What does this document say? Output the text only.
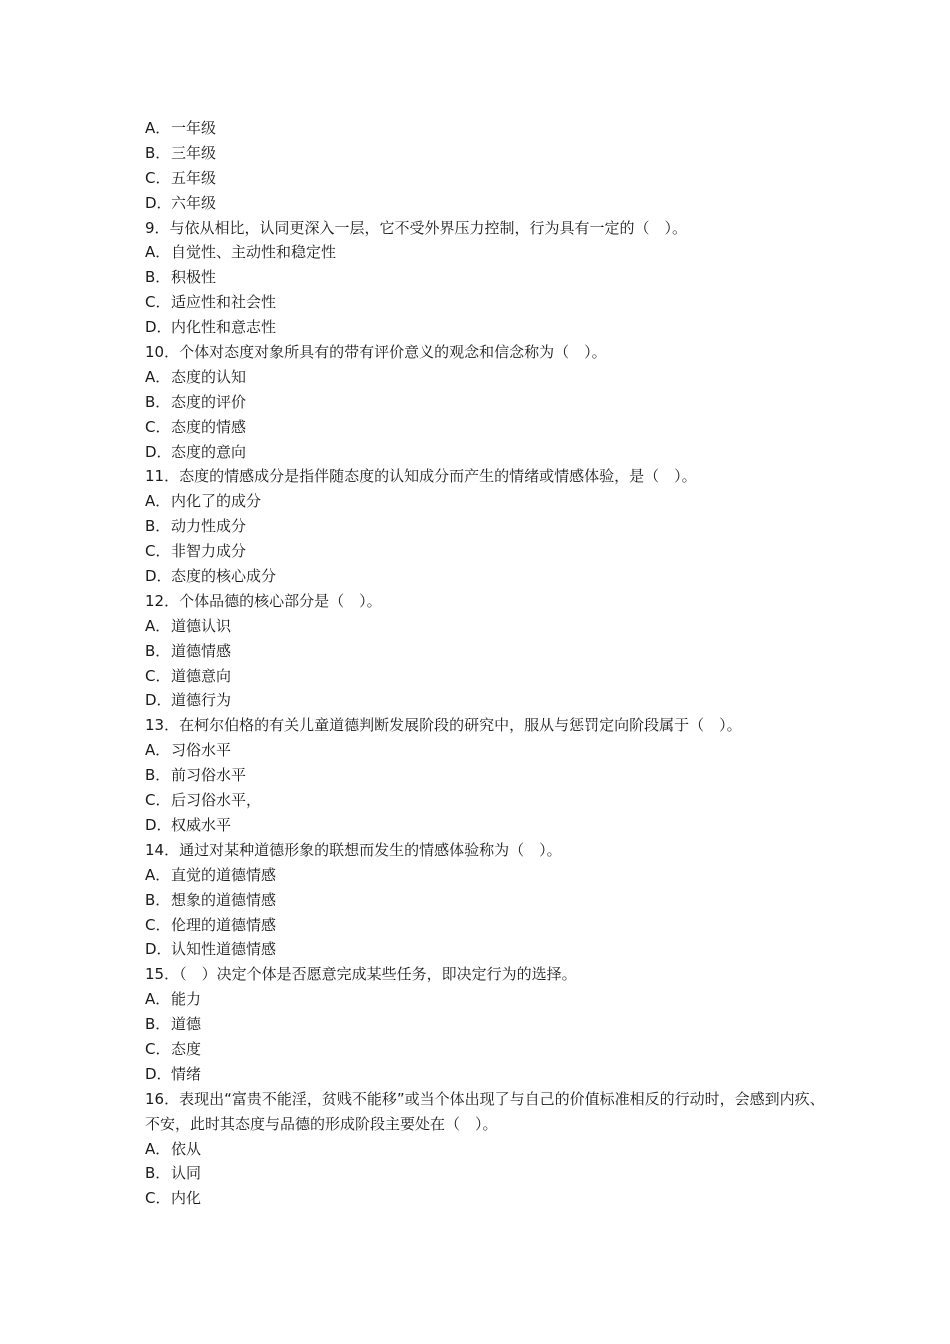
A．一年级
B．三年级
C．五年级
D．六年级
9．与依从相比，认同更深入一层，它不受外界压力控制，行为具有一定的（　）。
A．自觉性、主动性和稳定性
B．积极性
C．适应性和社会性
D．内化性和意志性
10．个体对态度对象所具有的带有评价意义的观念和信念称为（　）。
A．态度的认知
B．态度的评价
C．态度的情感
D．态度的意向
11．态度的情感成分是指伴随态度的认知成分而产生的情绪或情感体验，是（　）。
A．内化了的成分
B．动力性成分
C．非智力成分
D．态度的核心成分
12．个体品德的核心部分是（　）。
A．道德认识
B．道德情感
C．道德意向
D．道德行为
13．在柯尔伯格的有关儿童道德判断发展阶段的研究中，服从与惩罚定向阶段属于（　）。
A．习俗水平
B．前习俗水平
C．后习俗水平，
D．权威水平
14．通过对某种道德形象的联想而发生的情感体验称为（　）。
A．直觉的道德情感
B．想象的道德情感
C．伦理的道德情感
D．认知性道德情感
15．（　）决定个体是否愿意完成某些任务，即决定行为的选择。
A．能力
B．道德
C．态度
D．情绪
16．表现出“富贵不能淫，贫贱不能移”或当个体出现了与自己的价值标准相反的行动时，会感到内疚、不安，此时其态度与品德的形成阶段主要处在（　）。
A．依从
B．认同
C．内化
